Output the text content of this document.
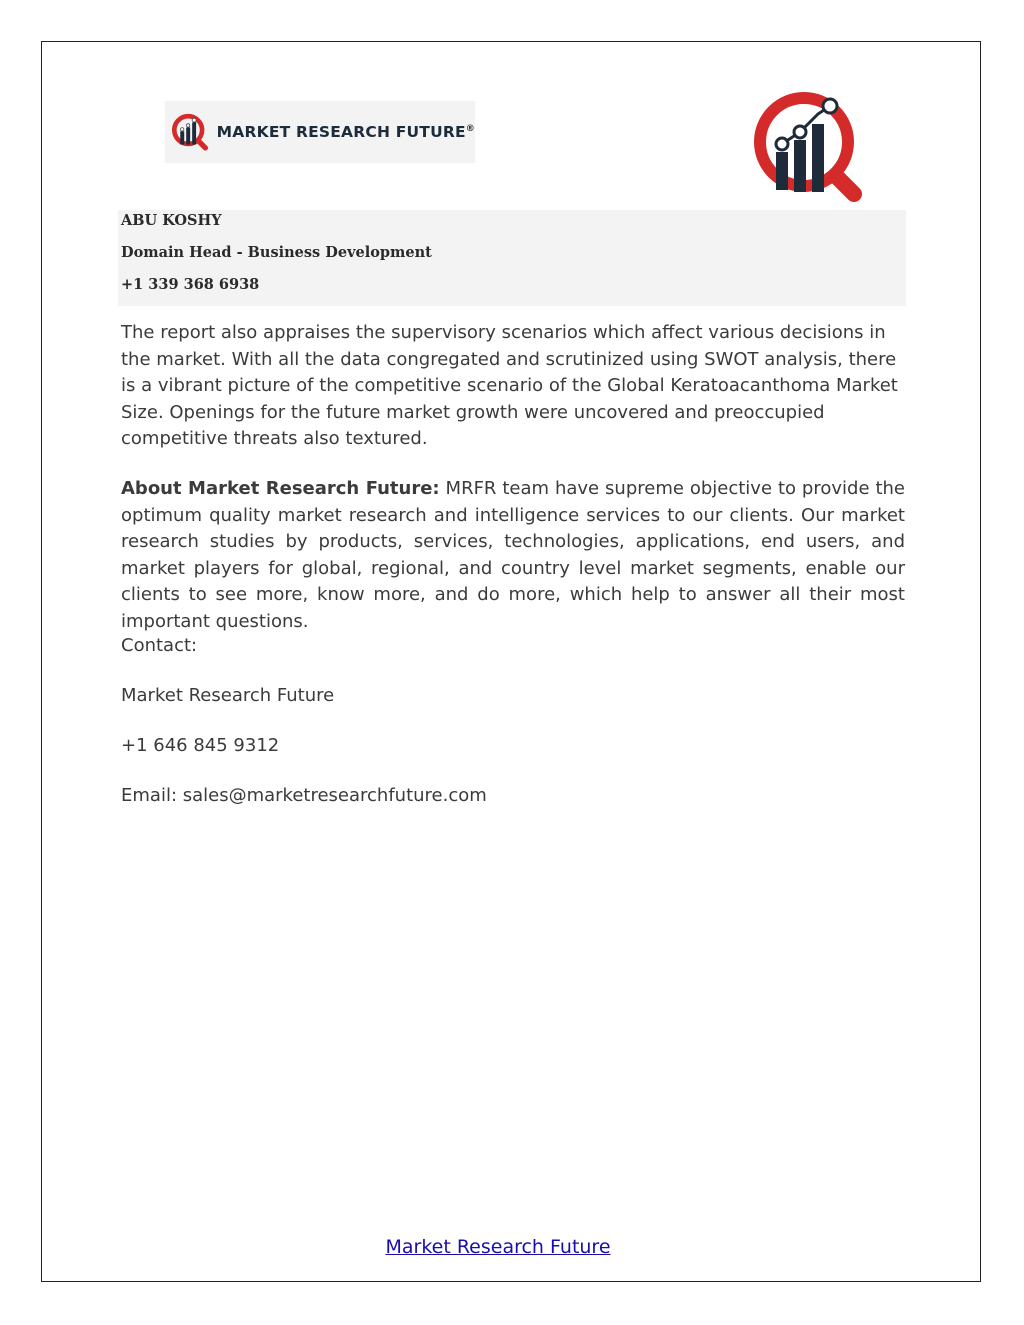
MARKET RESEARCH FUTURE®
ABU KOSHY
Domain Head - Business Development
+1 339 368 6938
The report also appraises the supervisory scenarios which affect various decisions in the market. With all the data congregated and scrutinized using SWOT analysis, there is a vibrant picture of the competitive scenario of the Global Keratoacanthoma Market Size. Openings for the future market growth were uncovered and preoccupied competitive threats also textured.
About Market Research Future: MRFR team have supreme objective to provide the optimum quality market research and intelligence services to our clients. Our market research studies by products, services, technologies, applications, end users, and market players for global, regional, and country level market segments, enable our clients to see more, know more, and do more, which help to answer all their most important questions.
Contact:
Market Research Future
+1 646 845 9312
Email: sales@marketresearchfuture.com
Market Research Future
